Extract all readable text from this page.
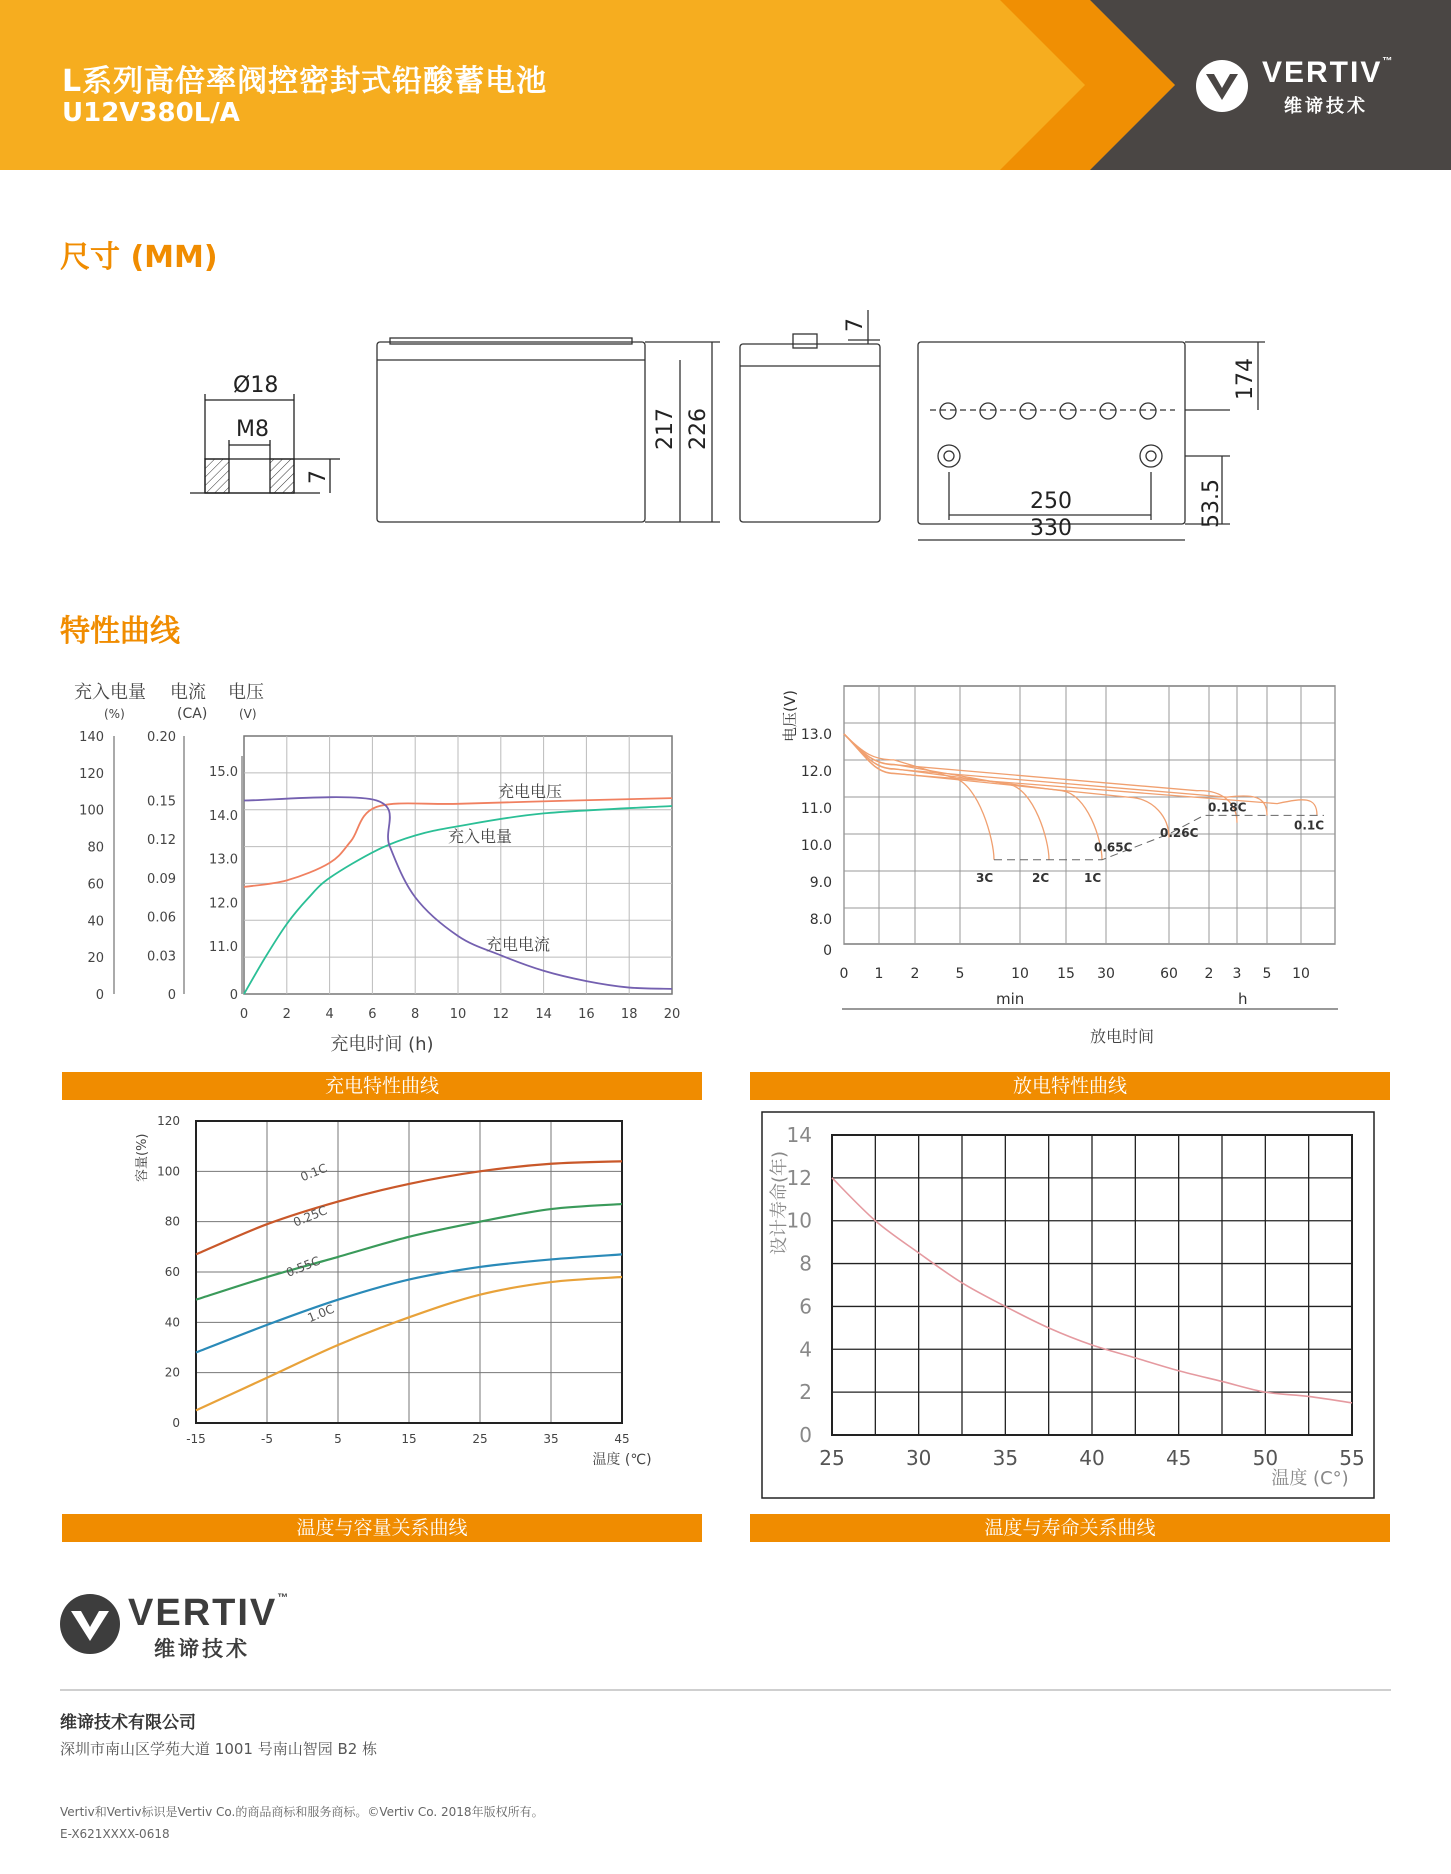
L系列高倍率阀控密封式铅酸蓄电池
U12V380L/A
VERTIV™
维谛技术
尺寸 (MM)
Ø18
M8
7
217 226
7
250
330
174
53.5
特性曲线
充入电量 电流 电压
(%)	(CA)	(V)
0	2	4	6	8 10 12 14 16 18 20
0
20
40
60
80
100
120
140
0
0.03
0.06
0.09
0.12
0.15
0.20
0
11.0
12.0
13.0
14.0
15.0
充电电压
充入电量
充电电流
充电时间 (h)
充电特性曲线
电压(V)
0
8.0
9.0
10.0
11.0
12.0
13.0
0 1 2	5	10 15 30	60 2 3 5 10
3C	2C	1C
0.65C
0.26C
0.18C
0.1C
min	h
放电时间
放电特性曲线
容量(%)
0
20
40
60
80
100
120
-15	-5	5	15	25	35	45
0.1C
0.25C
0.55C
1.0C
温度 (℃)
温度与容量关系曲线
设计寿命(年)
0
2
4
6
8
10
12
14
25	30	35	40	45	50	55
温度 (C°)
温度与寿命关系曲线
VERTIV™
维谛技术
维谛技术有限公司
深圳市南山区学苑大道 1001 号南山智园 B2 栋
Vertiv和Vertiv标识是Vertiv Co.的商品商标和服务商标。©Vertiv Co. 2018年版权所有。
E-X621XXXX-0618
